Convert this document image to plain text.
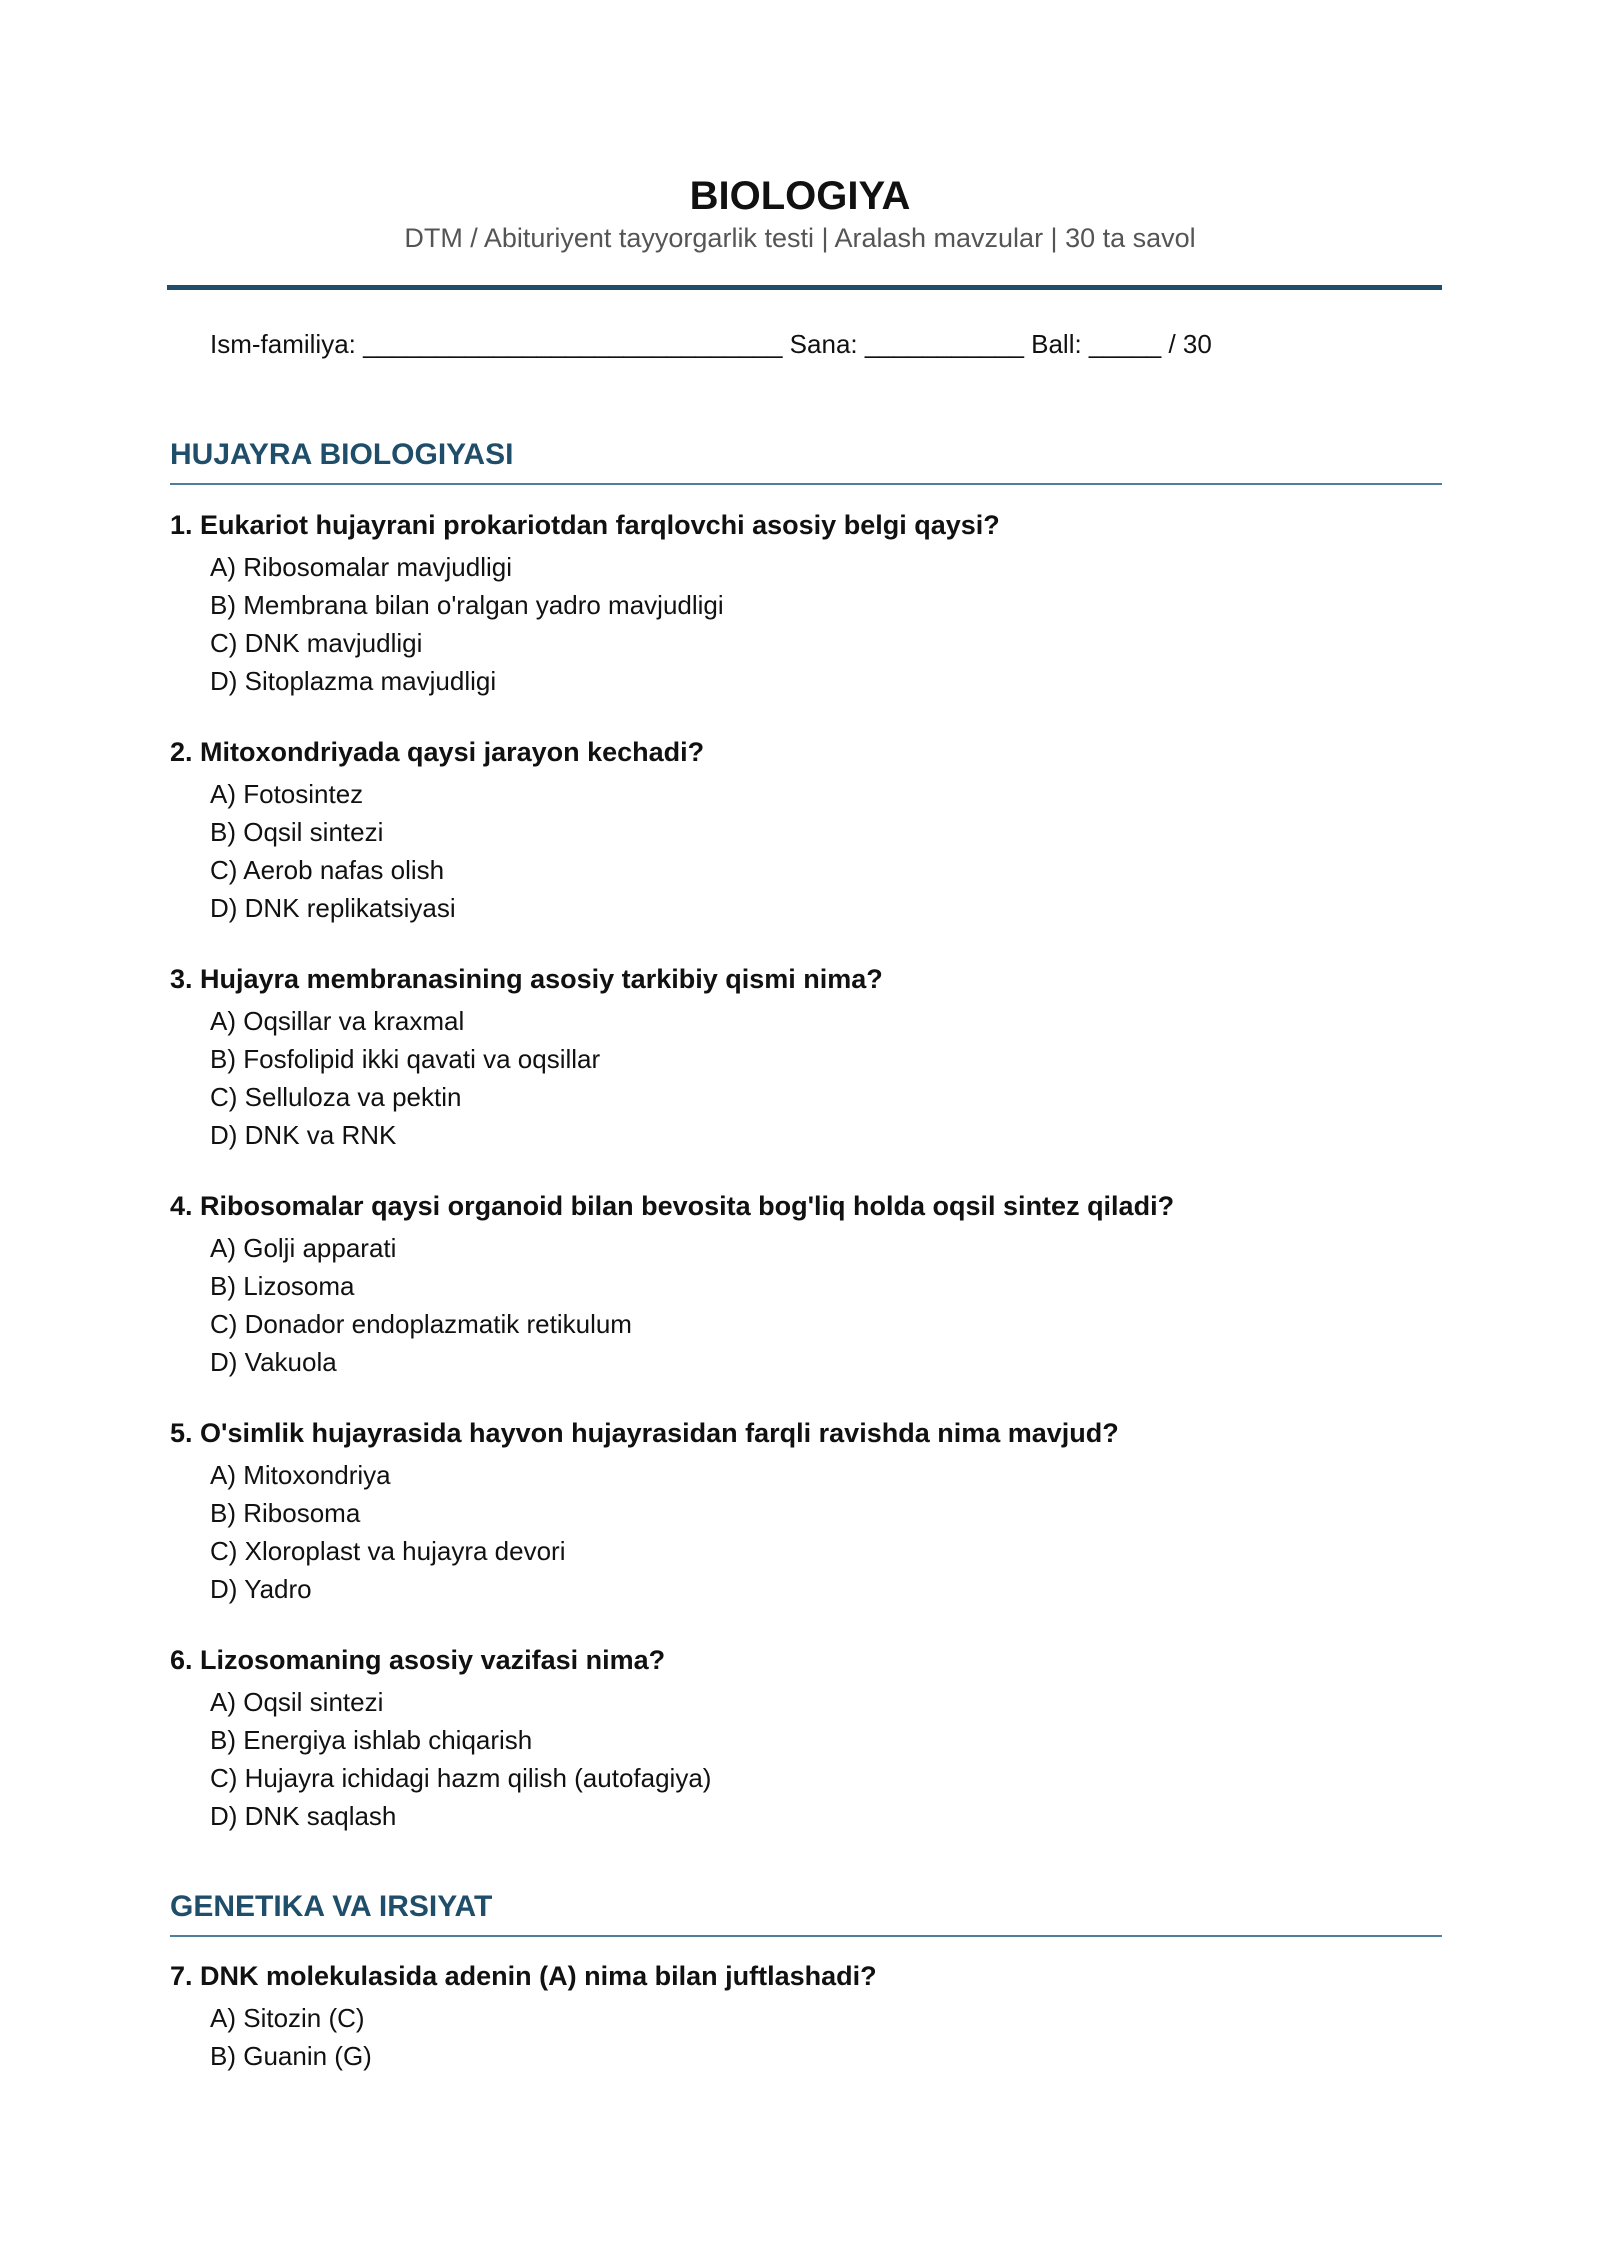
BIOLOGIYA
DTM / Abituriyent tayyorgarlik testi | Aralash mavzular | 30 ta savol
Ism-familiya: _____________________________ Sana: ___________ Ball: _____ / 30
HUJAYRA BIOLOGIYASI
1. Eukariot hujayrani prokariotdan farqlovchi asosiy belgi qaysi?
A) Ribosomalar mavjudligi
B) Membrana bilan o'ralgan yadro mavjudligi
C) DNK mavjudligi
D) Sitoplazma mavjudligi
2. Mitoxondriyada qaysi jarayon kechadi?
A) Fotosintez
B) Oqsil sintezi
C) Aerob nafas olish
D) DNK replikatsiyasi
3. Hujayra membranasining asosiy tarkibiy qismi nima?
A) Oqsillar va kraxmal
B) Fosfolipid ikki qavati va oqsillar
C) Selluloza va pektin
D) DNK va RNK
4. Ribosomalar qaysi organoid bilan bevosita bog'liq holda oqsil sintez qiladi?
A) Golji apparati
B) Lizosoma
C) Donador endoplazmatik retikulum
D) Vakuola
5. O'simlik hujayrasida hayvon hujayrasidan farqli ravishda nima mavjud?
A) Mitoxondriya
B) Ribosoma
C) Xloroplast va hujayra devori
D) Yadro
6. Lizosomaning asosiy vazifasi nima?
A) Oqsil sintezi
B) Energiya ishlab chiqarish
C) Hujayra ichidagi hazm qilish (autofagiya)
D) DNK saqlash
GENETIKA VA IRSIYAT
7. DNK molekulasida adenin (A) nima bilan juftlashadi?
A) Sitozin (C)
B) Guanin (G)
